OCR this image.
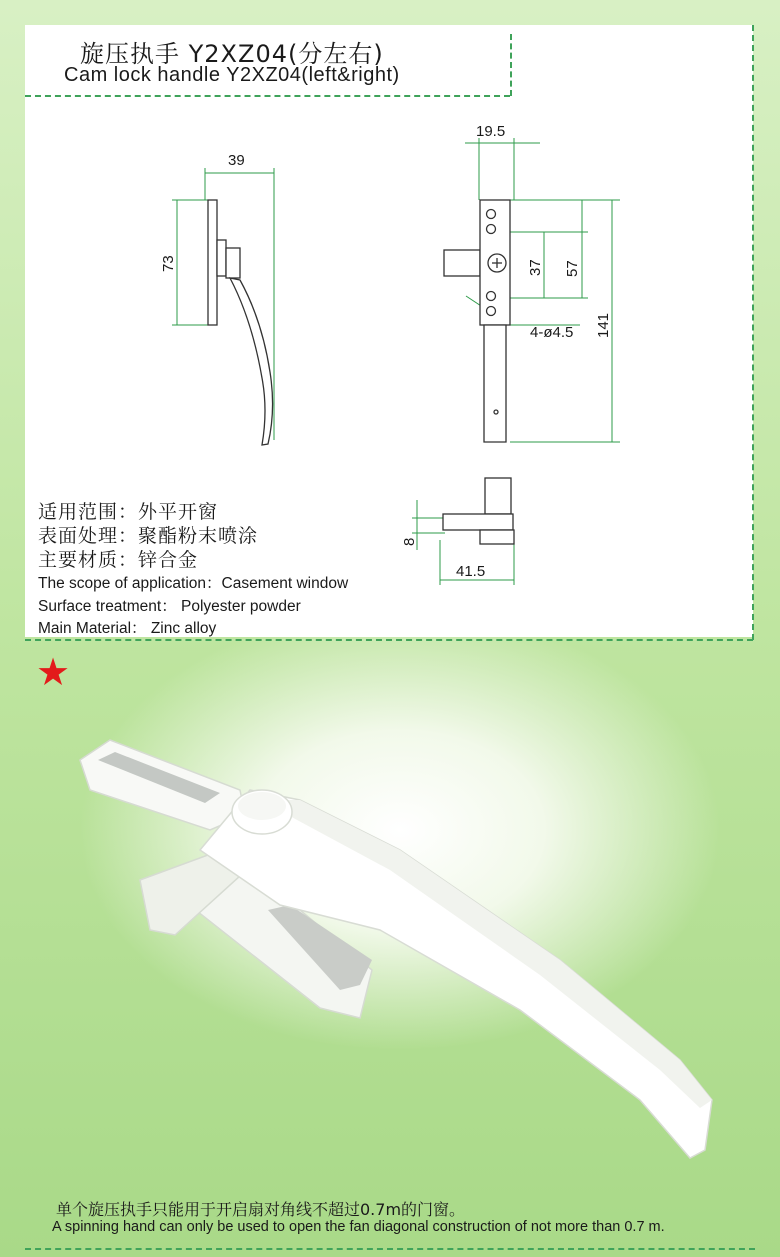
旋压执手 Y2XZ04(分左右)
Cam lock handle Y2XZ04(left&right)
39
73
19.5
37 57
141
4-ø4.5
8
41.5
适用范围：外平开窗
表面处理：聚酯粉末喷涂
主要材质：锌合金
The scope of application：Casement window
Surface treatment： Polyester powder
Main Material： Zinc alloy
★
单个旋压执手只能用于开启扇对角线不超过0.7m的门窗。
A spinning hand can only be used to open the fan diagonal construction of not more than 0.7 m.
